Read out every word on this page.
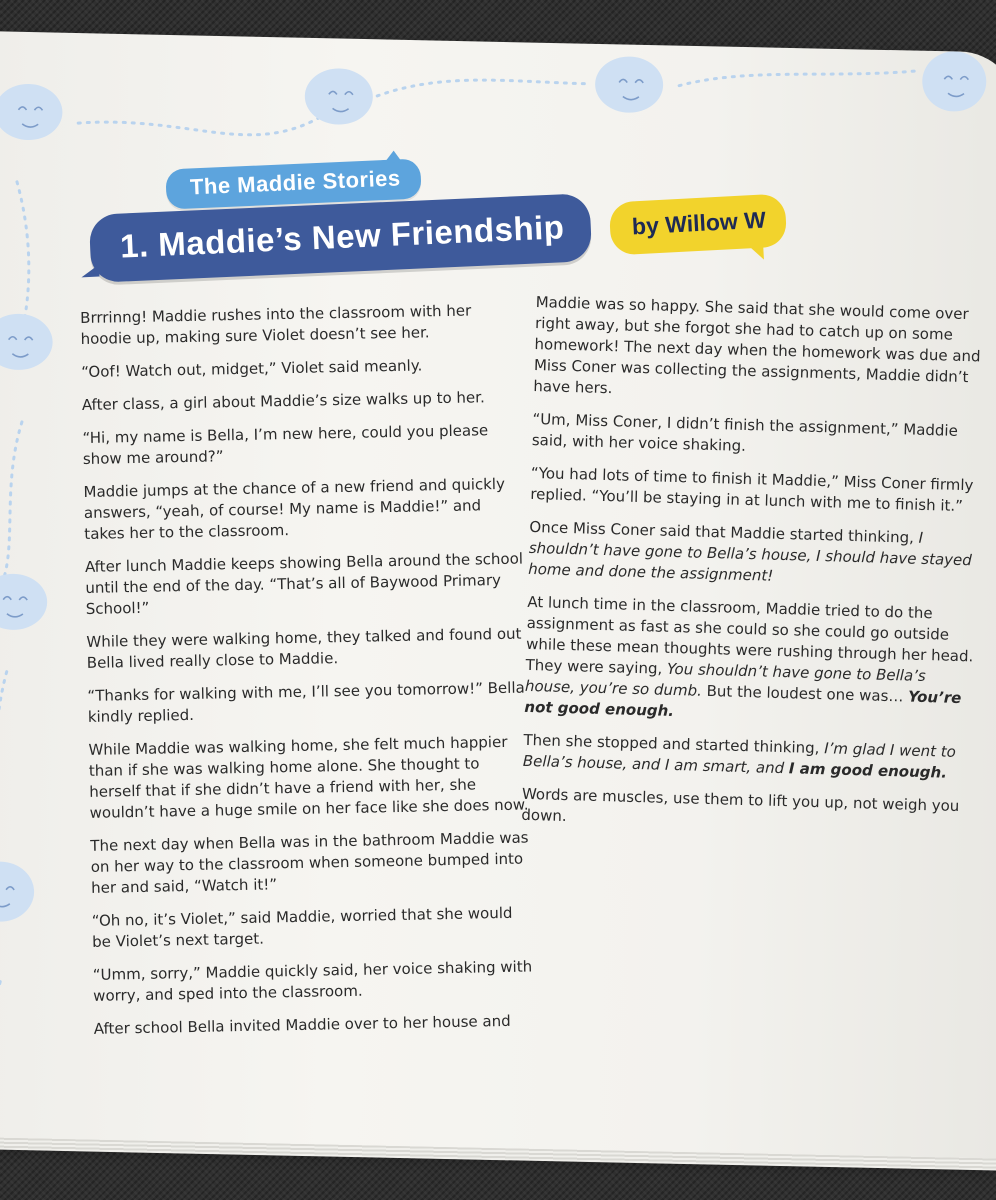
The Maddie Stories
1. Maddie’s New Friendship	by Willow W

Brrrinng! Maddie rushes into the classroom with her hoodie up, making sure Violet doesn’t see her.

“Oof! Watch out, midget,” Violet said meanly.

After class, a girl about Maddie’s size walks up to her.

“Hi, my name is Bella, I’m new here, could you please show me around?”

Maddie jumps at the chance of a new friend and quickly answers, “yeah, of course! My name is Maddie!” and takes her to the classroom.

After lunch Maddie keeps showing Bella around the school until the end of the day. “That’s all of Baywood Primary School!”

While they were walking home, they talked and found out Bella lived really close to Maddie.

“Thanks for walking with me, I’ll see you tomorrow!” Bella kindly replied.

While Maddie was walking home, she felt much happier than if she was walking home alone. She thought to herself that if she didn’t have a friend with her, she wouldn’t have a huge smile on her face like she does now.

The next day when Bella was in the bathroom Maddie was on her way to the classroom when someone bumped into her and said, “Watch it!”

“Oh no, it’s Violet,” said Maddie, worried that she would be Violet’s next target.

“Umm, sorry,” Maddie quickly said, her voice shaking with worry, and sped into the classroom.

After school Bella invited Maddie over to her house and

Maddie was so happy. She said that she would come over right away, but she forgot she had to catch up on some homework! The next day when the homework was due and Miss Coner was collecting the assignments, Maddie didn’t have hers.

“Um, Miss Coner, I didn’t finish the assignment,” Maddie said, with her voice shaking.

“You had lots of time to finish it Maddie,” Miss Coner firmly replied. “You’ll be staying in at lunch with me to finish it.”

Once Miss Coner said that Maddie started thinking, I shouldn’t have gone to Bella’s house, I should have stayed home and done the assignment!

At lunch time in the classroom, Maddie tried to do the assignment as fast as she could so she could go outside while these mean thoughts were rushing through her head. They were saying, You shouldn’t have gone to Bella’s house, you’re so dumb. But the loudest one was… You’re not good enough.

Then she stopped and started thinking, I’m glad I went to Bella’s house, and I am smart, and I am good enough.

Words are muscles, use them to lift you up, not weigh you down.
